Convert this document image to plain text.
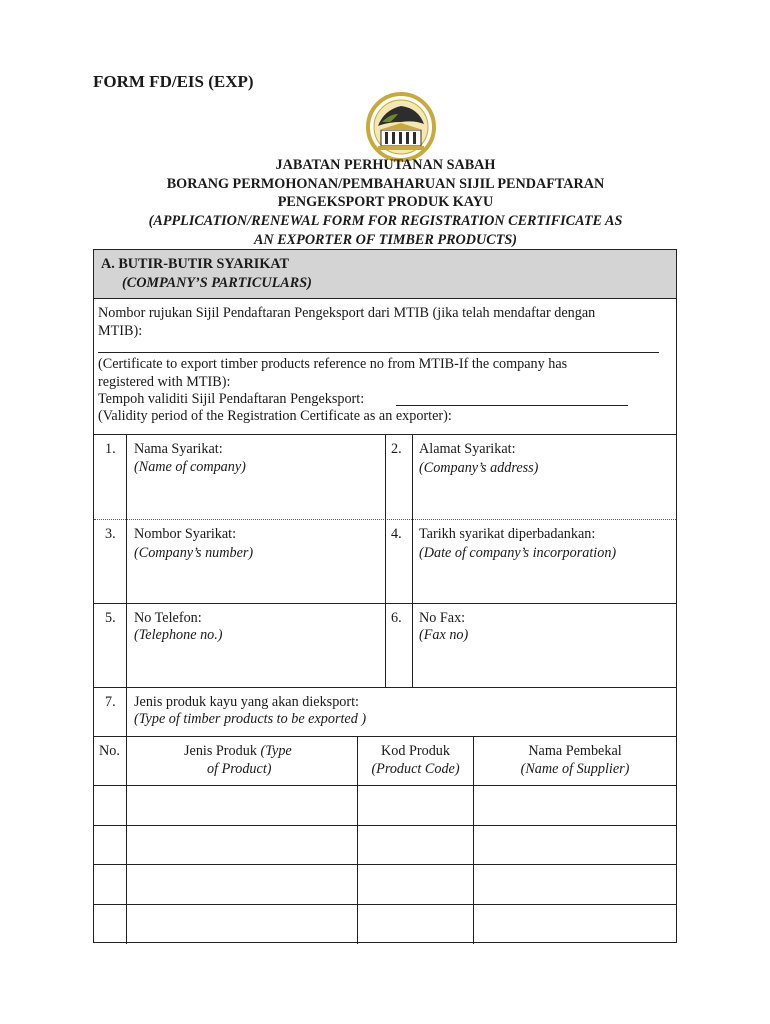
FORM FD/EIS (EXP)
JABATAN PERHUTANAN SABAH
BORANG PERMOHONAN/PEMBAHARUAN SIJIL PENDAFTARAN
PENGEKSPORT PRODUK KAYU
(APPLICATION/RENEWAL FORM FOR REGISTRATION CERTIFICATE AS
AN EXPORTER OF TIMBER PRODUCTS)
A. BUTIR-BUTIR SYARIKAT
(COMPANY’S PARTICULARS)
Nombor rujukan Sijil Pendaftaran Pengeksport dari MTIB (jika telah mendaftar dengan
MTIB):
(Certificate to export timber products reference no from MTIB-If the company has
registered with MTIB):
Tempoh validiti Sijil Pendaftaran Pengeksport:
(Validity period of the Registration Certificate as an exporter):
1. Nama Syarikat:
(Name of company)
2. Alamat Syarikat:
(Company’s address)
3. Nombor Syarikat:
(Company’s number)
4. Tarikh syarikat diperbadankan:
(Date of company’s incorporation)
5. No Telefon:
(Telephone no.)
6. No Fax:
(Fax no)
7. Jenis produk kayu yang akan dieksport:
(Type of timber products to be exported )
No.	Jenis Produk (Type
of Product)
Kod Produk
(Product Code)
Nama Pembekal
(Name of Supplier)
